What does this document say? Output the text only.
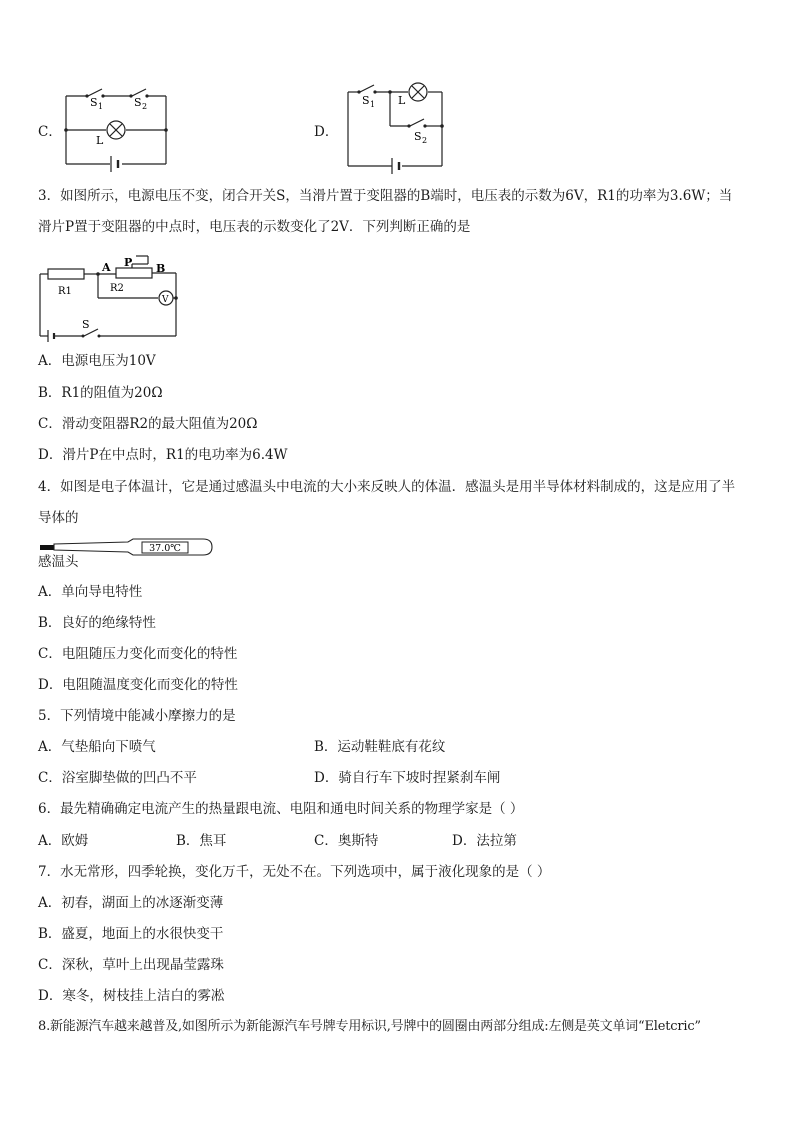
C．	D．
S 1	S 2
L
S 1 L
S 2
3．如图所示，电源电压不变，闭合开关S，当滑片置于变阻器的B端时，电压表的示数为6V，R1的功率为3.6W；当
滑片P置于变阻器的中点时，电压表的示数变化了2V．下列判断正确的是
A P B
R1	R2
V
S
A．电源电压为10V
B．R1的阻值为20Ω
C．滑动变阻器R2的最大阻值为20Ω
D．滑片P在中点时，R1的电功率为6.4W
4．如图是电子体温计，它是通过感温头中电流的大小来反映人的体温．感温头是用半导体材料制成的，这是应用了半
导体的
37.0℃
感温头
A．单向导电特性
B．良好的绝缘特性
C．电阻随压力变化而变化的特性
D．电阻随温度变化而变化的特性
5．下列情境中能减小摩擦力的是
A．气垫船向下喷气	B．运动鞋鞋底有花纹
C．浴室脚垫做的凹凸不平	D．骑自行车下坡时捏紧刹车闸
6．最先精确确定电流产生的热量跟电流、电阻和通电时间关系的物理学家是（ ）
A．欧姆	B．焦耳	C．奥斯特	D．法拉第
7．水无常形，四季轮换，变化万千，无处不在。下列选项中，属于液化现象的是（ ）
A．初春，湖面上的冰逐渐变薄
B．盛夏，地面上的水很快变干
C．深秋，草叶上出现晶莹露珠
D．寒冬，树枝挂上洁白的雾凇
8.新能源汽车越来越普及,如图所示为新能源汽车号牌专用标识,号牌中的圆圈由两部分组成:左侧是英文单词“Eletcric”
